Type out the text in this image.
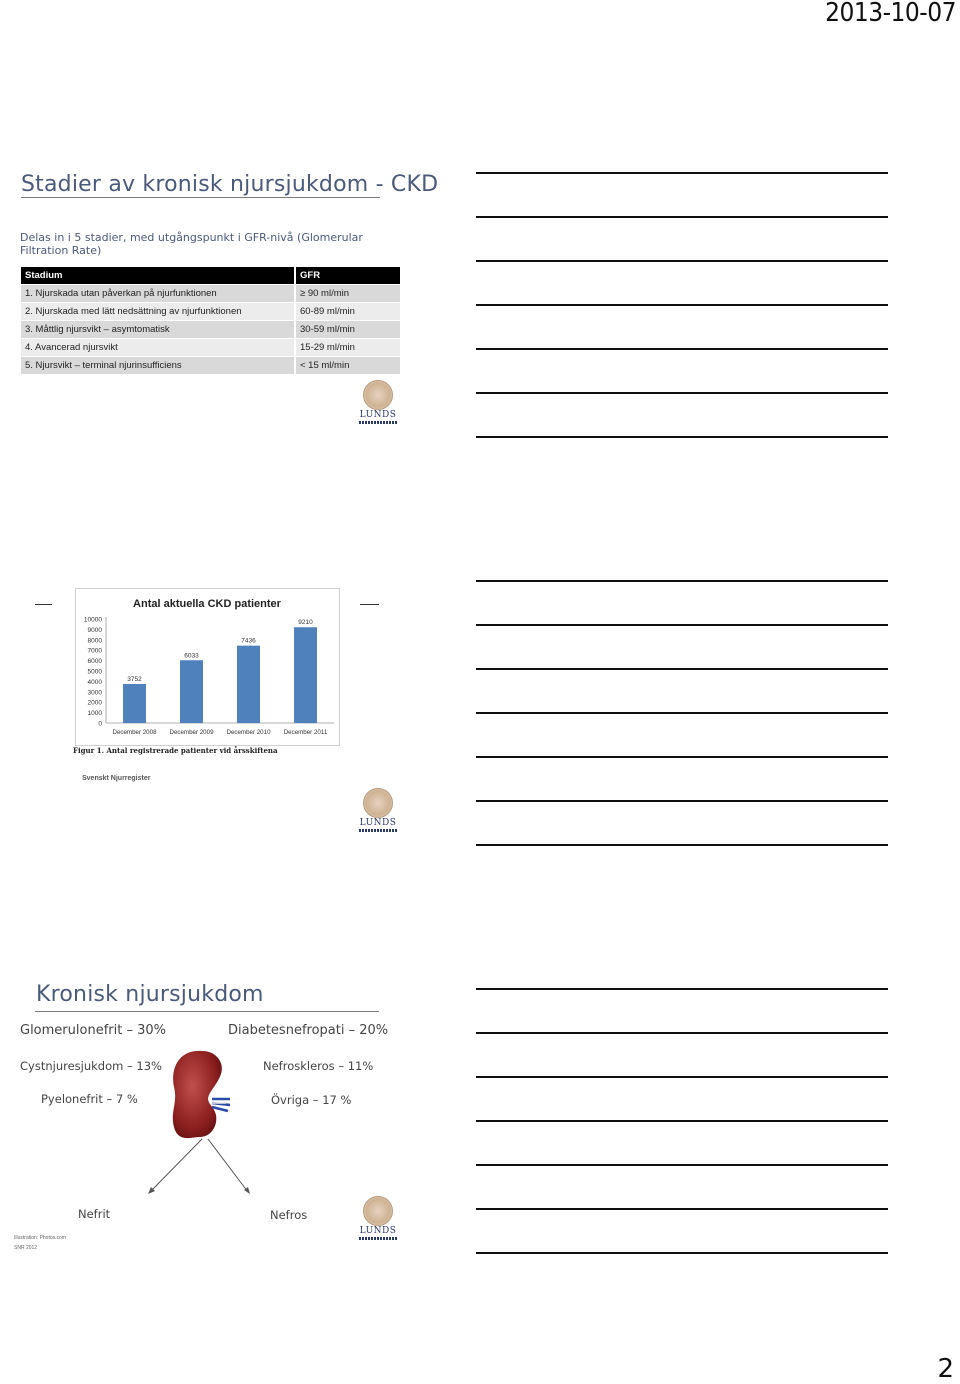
2013-10-07
2
Stadier av kronisk njursjukdom - CKD
Delas in i 5 stadier, med utgångspunkt i GFR-nivå (Glomerular Filtration Rate)
Stadium	GFR
1. Njurskada utan påverkan på njurfunktionen	≥ 90 ml/min
2. Njurskada med lätt nedsättning av njurfunktionen	60-89 ml/min
3. Måttlig njursvikt – asymtomatisk	30-59 ml/min
4. Avancerad njursvikt	15-29 ml/min
5. Njursvikt – terminal njurinsufficiens	< 15 ml/min
LUNDS
Antal aktuella CKD patienter
0
1000
2000
3000
4000
5000
6000
7000
8000
9000
10000
3752
December 2008
6033
December 2009
7436
December 2010
9210
December 2011
Figur 1. Antal registrerade patienter vid årsskiftena
Svenskt Njurregister
LUNDS
Kronisk njursjukdom
Glomerulonefrit – 30%	Diabetesnefropati – 20%
Cystnjuresjukdom – 13%	Nefroskleros – 11%
Pyelonefrit – 7 %	Övriga – 17 %
Nefrit	Nefros
Illustration: Photos.com
SNR 2012
LUNDS
